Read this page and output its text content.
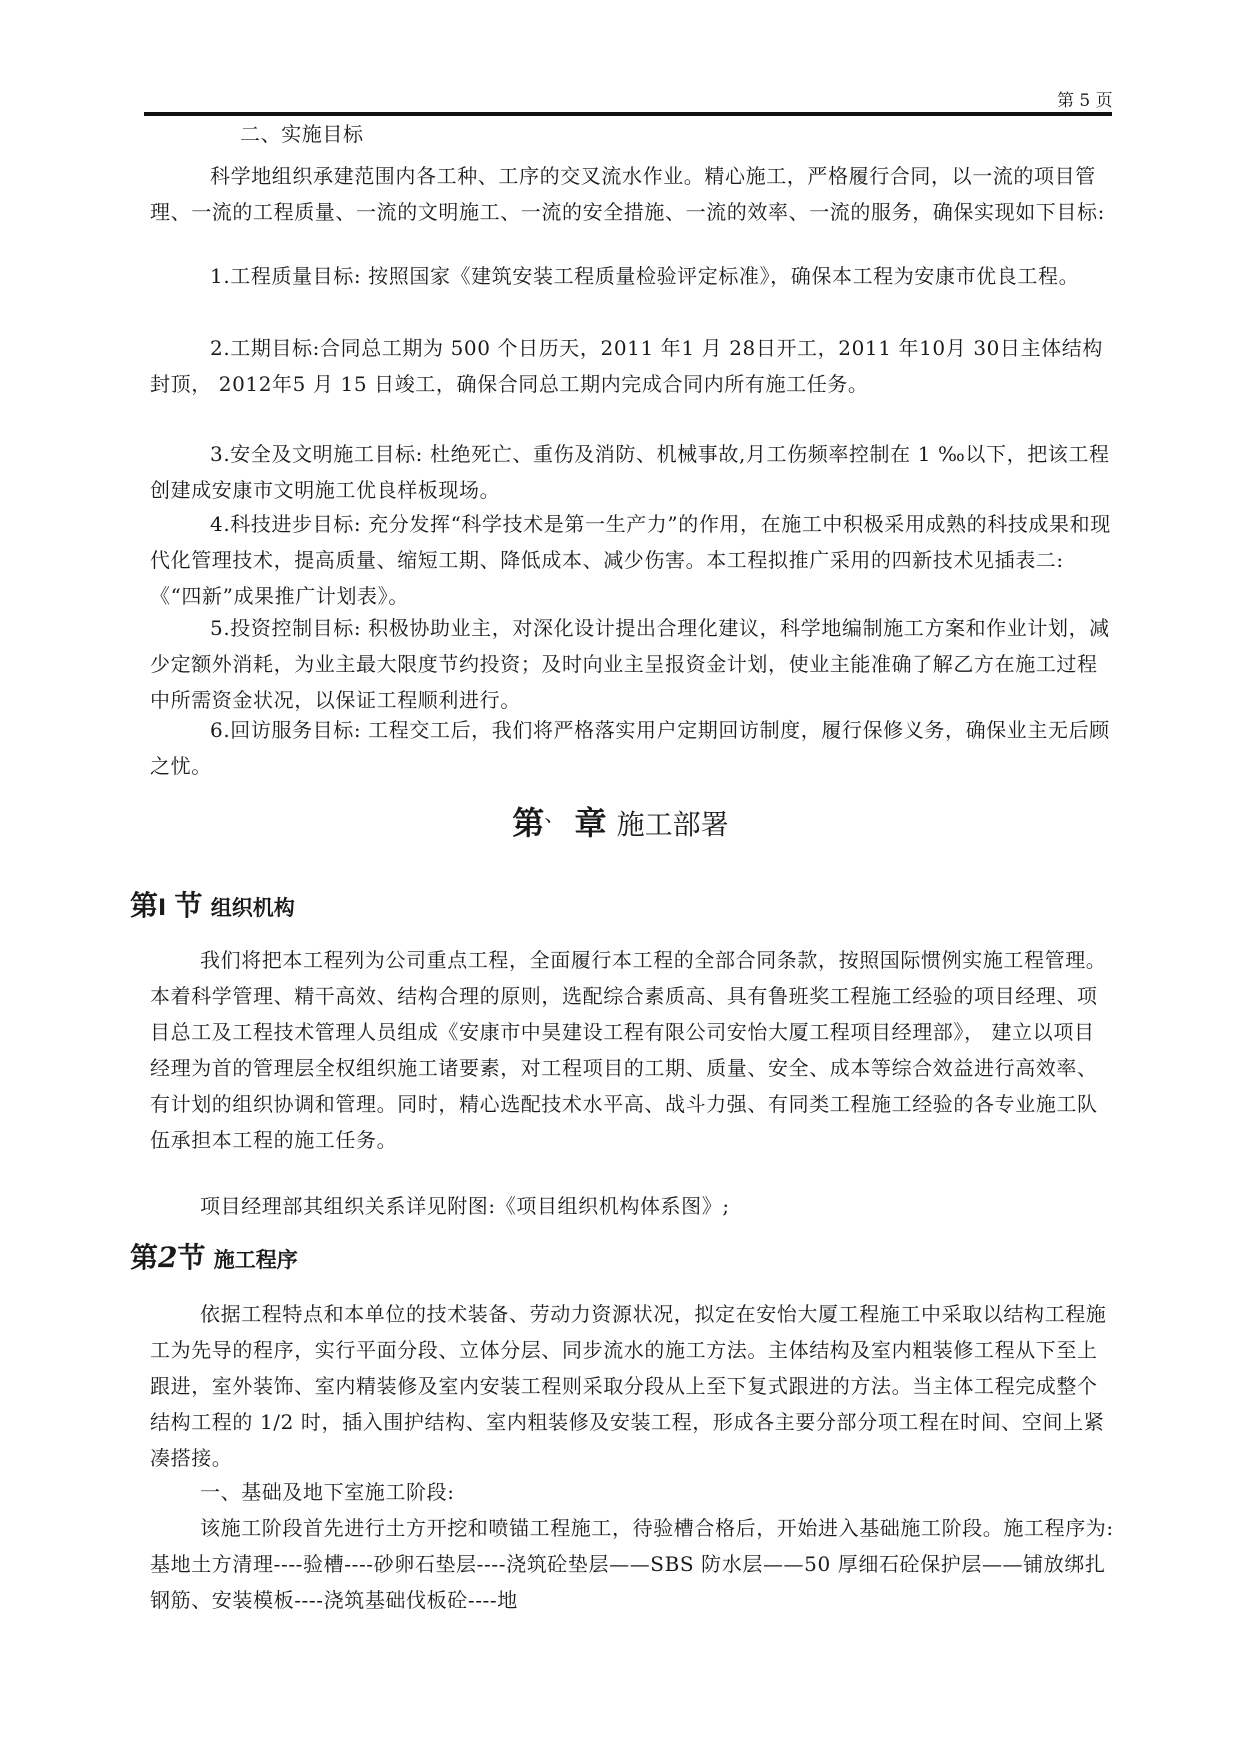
第 5 页

二、实施目标

科学地组织承建范围内各工种、工序的交叉流水作业。精心施工，严格履行合同，以一流的项目管理、一流的工程质量、一流的文明施工、一流的安全措施、一流的效率、一流的服务，确保实现如下目标:

1.工程质量目标: 按照国家《建筑安装工程质量检验评定标准》，确保本工程为安康市优良工程。

2.工期目标:合同总工期为 500 个日历天，2011 年1 月 28日开工，2011 年10月 30日主体结构封顶， 2012年5 月 15 日竣工，确保合同总工期内完成合同内所有施工任务。

3.安全及文明施工目标: 杜绝死亡、重伤及消防、机械事故,月工伤频率控制在 1 ‰以下，把该工程创建成安康市文明施工优良样板现场。

4.科技进步目标: 充分发挥“科学技术是第一生产力”的作用，在施工中积极采用成熟的科技成果和现代化管理技术，提高质量、缩短工期、降低成本、减少伤害。本工程拟推广采用的四新技术见插表二:《“四新”成果推广计划表》。

5.投资控制目标: 积极协助业主，对深化设计提出合理化建议，科学地编制施工方案和作业计划，减少定额外消耗，为业主最大限度节约投资；及时向业主呈报资金计划，使业主能准确了解乙方在施工过程中所需资金状况，以保证工程顺利进行。

6.回访服务目标: 工程交工后，我们将严格落实用户定期回访制度，履行保修义务，确保业主无后顾之忧。

第、 章 施工部署
第I 节 组织机构

我们将把本工程列为公司重点工程，全面履行本工程的全部合同条款，按照国际惯例实施工程管理。本着科学管理、精干高效、结构合理的原则，选配综合素质高、具有鲁班奖工程施工经验的项目经理、项目总工及工程技术管理人员组成《安康市中昊建设工程有限公司安怡大厦工程项目经理部》， 建立以项目经理为首的管理层全权组织施工诸要素，对工程项目的工期、质量、安全、成本等综合效益进行高效率、有计划的组织协调和管理。同时，精心选配技术水平高、战斗力强、有同类工程施工经验的各专业施工队伍承担本工程的施工任务。

项目经理部其组织关系详见附图:《项目组织机构体系图》;

第2节 施工程序

依据工程特点和本单位的技术装备、劳动力资源状况，拟定在安怡大厦工程施工中采取以结构工程施工为先导的程序，实行平面分段、立体分层、同步流水的施工方法。主体结构及室内粗装修工程从下至上跟进，室外装饰、室内精装修及室内安装工程则采取分段从上至下复式跟进的方法。当主体工程完成整个结构工程的 1/2 时，插入围护结构、室内粗装修及安装工程，形成各主要分部分项工程在时间、空间上紧凑搭接。

一、基础及地下室施工阶段:

该施工阶段首先进行土方开挖和喷锚工程施工，待验槽合格后，开始进入基础施工阶段。施工程序为: 基地土方清理----验槽----砂卵石垫层----浇筑砼垫层——SBS 防水层——50 厚细石砼保护层——铺放绑扎钢筋、安装模板----浇筑基础伐板砼----地
